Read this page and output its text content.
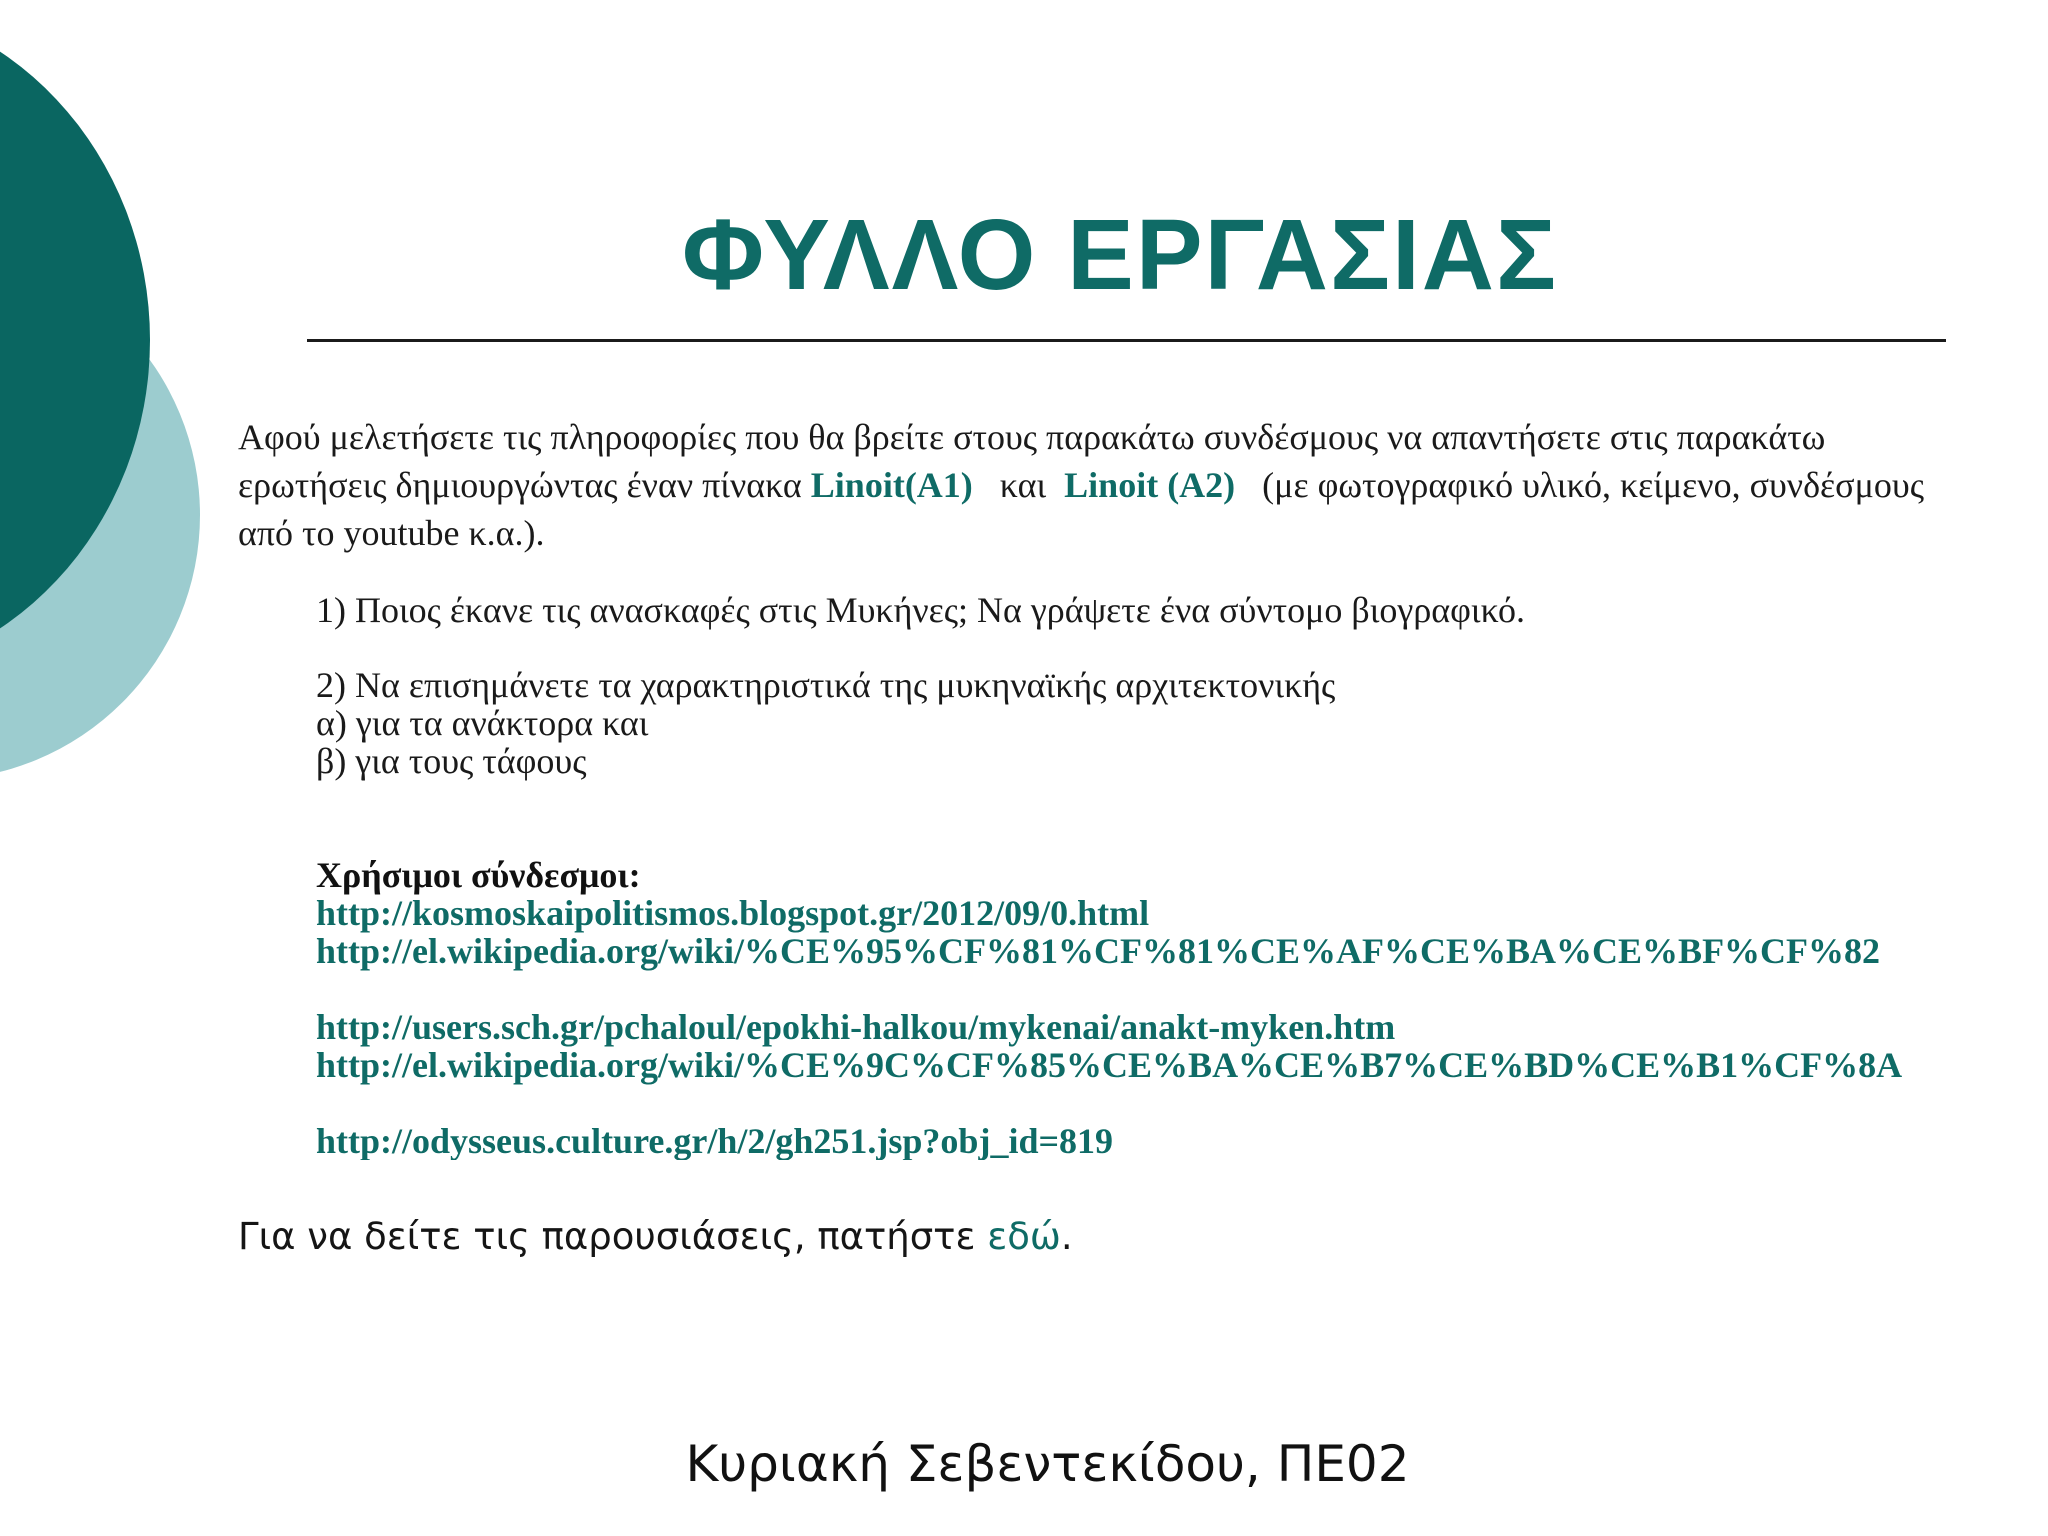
ΦΥΛΛΟ ΕΡΓΑΣΙΑΣ

Αφού μελετήσετε τις πληροφορίες που θα βρείτε στους παρακάτω συνδέσμους να απαντήσετε στις παρακάτω ερωτήσεις δημιουργώντας έναν πίνακα Linoit(A1)   και  Linoit (A2)   (με φωτογραφικό υλικό, κείμενο, συνδέσμους από το youtube κ.α.).

1) Ποιος έκανε τις ανασκαφές στις Μυκήνες; Να γράψετε ένα σύντομο βιογραφικό.

2) Να επισημάνετε τα χαρακτηριστικά της μυκηναϊκής αρχιτεκτονικής
α) για τα ανάκτορα και
β) για τους τάφους
Χρήσιμοι σύνδεσμοι:
http://kosmoskaipolitismos.blogspot.gr/2012/09/0.html
http://el.wikipedia.org/wiki/%CE%95%CF%81%CF%81%CE%AF%CE%BA%CE%BF%CF%82
http://users.sch.gr/pchaloul/epokhi-halkou/mykenai/anakt-myken.htm
http://el.wikipedia.org/wiki/%CE%9C%CF%85%CE%BA%CE%B7%CE%BD%CE%B1%CF%8A
http://odysseus.culture.gr/h/2/gh251.jsp?obj_id=819

Για να δείτε τις παρουσιάσεις, πατήστε εδώ.

Κυριακή Σεβεντεκίδου, ΠΕ02
